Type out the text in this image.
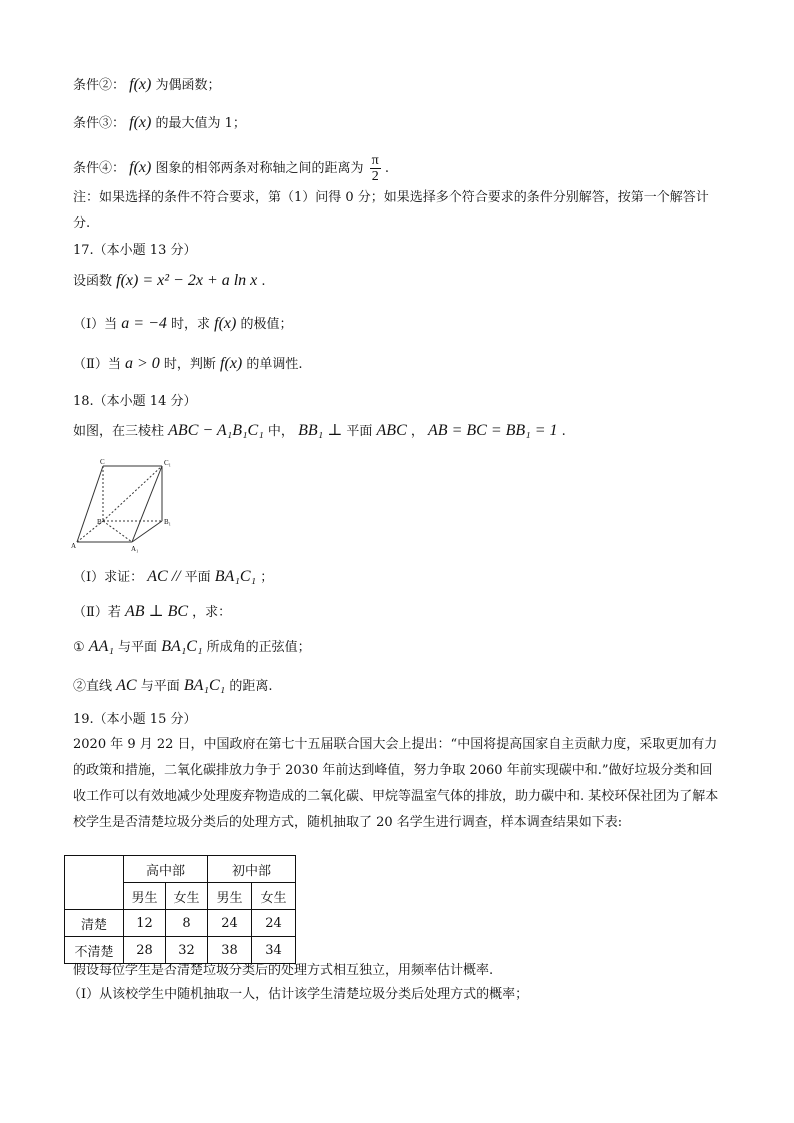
条件②： f(x) 为偶函数；
条件③： f(x) 的最大值为 1；
条件④： f(x) 图象的相邻两条对称轴之间的距离为 $\frac{\pi}{2}$ .
注：如果选择的条件不符合要求，第（1）问得 0 分；如果选择多个符合要求的条件分别解答，按第一个解答计分.
17.（本小题 13 分）
设函数 f(x) = x² − 2x + a ln x .
（Ⅰ）当 a = −4 时，求 f(x) 的极值；
（Ⅱ）当 a > 0 时，判断 f(x) 的单调性.
18.（本小题 14 分）
如图，在三棱柱 ABC − A₁B₁C₁ 中， BB₁ ⊥ 平面 ABC ， AB = BC = BB₁ = 1 .
C	C₁
B	B₁
A	A₁
（Ⅰ）求证： AC // 平面 BA₁C₁ ；
（Ⅱ）若 AB ⊥ BC ，求：
① AA₁ 与平面 BA₁C₁ 所成角的正弦值；
②直线 AC 与平面 BA₁C₁ 的距离.
19.（本小题 15 分）
2020 年 9 月 22 日，中国政府在第七十五届联合国大会上提出：“中国将提高国家自主贡献力度，采取更加有力的政策和措施，二氧化碳排放力争于 2030 年前达到峰值，努力争取 2060 年前实现碳中和.”做好垃圾分类和回收工作可以有效地减少处理废弃物造成的二氧化碳、甲烷等温室气体的排放，助力碳中和. 某校环保社团为了解本校学生是否清楚垃圾分类后的处理方式，随机抽取了 20 名学生进行调查，样本调查结果如下表:
	高中部		初中部	
	男生	女生	男生	女生
清楚	12	8	24	24
不清楚	28	32	38	34
假设每位学生是否清楚垃圾分类后的处理方式相互独立，用频率估计概率.
（Ⅰ）从该校学生中随机抽取一人，估计该学生清楚垃圾分类后处理方式的概率；
